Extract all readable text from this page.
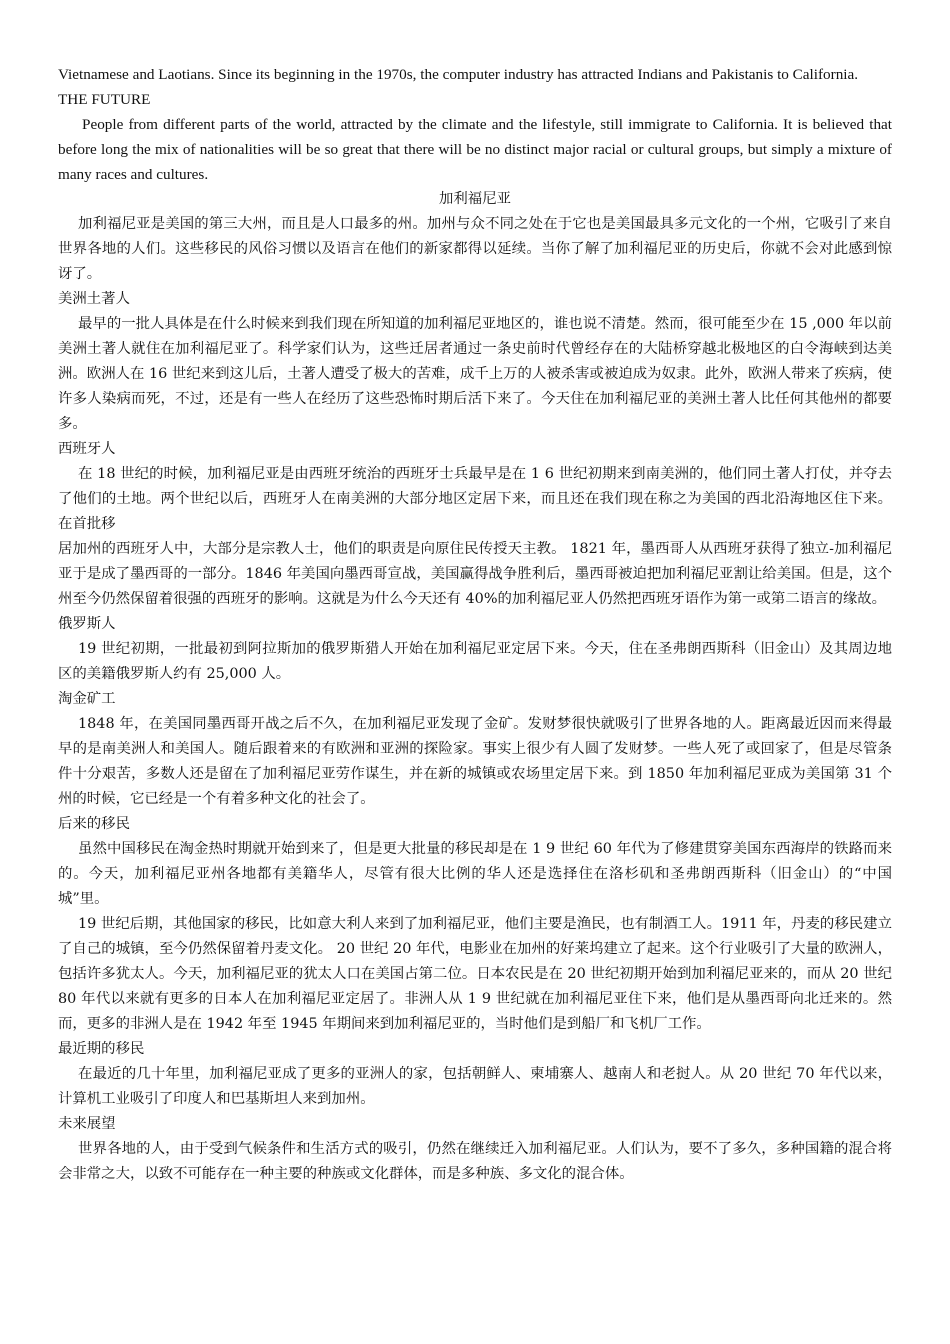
Vietnamese and Laotians. Since its beginning in the 1970s, the computer industry has attracted Indians and Pakistanis to California.

THE FUTURE

People from different parts of the world, attracted by the climate and the lifestyle, still immigrate to California. It is believed that before long the mix of nationalities will be so great that there will be no distinct major racial or cultural groups, but simply a mixture of many races and cultures.

加利福尼亚

加利福尼亚是美国的第三大州，而且是人口最多的州。加州与众不同之处在于它也是美国最具多元文化的一个州，它吸引了来自世界各地的人们。这些移民的风俗习惯以及语言在他们的新家都得以延续。当你了解了加利福尼亚的历史后，你就不会对此感到惊讶了。

美洲土著人

最早的一批人具体是在什么时候来到我们现在所知道的加利福尼亚地区的，谁也说不清楚。然而，很可能至少在 15 ,000 年以前美洲土著人就住在加利福尼亚了。科学家们认为，这些迁居者通过一条史前时代曾经存在的大陆桥穿越北极地区的白令海峡到达美洲。欧洲人在 16 世纪来到这儿后，土著人遭受了极大的苦难，成千上万的人被杀害或被迫成为奴隶。此外，欧洲人带来了疾病，使许多人染病而死，不过，还是有一些人在经历了这些恐怖时期后活下来了。今天住在加利福尼亚的美洲土著人比任何其他州的都要多。

西班牙人

在 18 世纪的时候，加利福尼亚是由西班牙统治的西班牙士兵最早是在 1 6 世纪初期来到南美洲的，他们同土著人打仗，并夺去了他们的土地。两个世纪以后，西班牙人在南美洲的大部分地区定居下来，而且还在我们现在称之为美国的西北沿海地区住下来。在首批移

居加州的西班牙人中，大部分是宗教人士，他们的职责是向原住民传授天主教。 1821 年，墨西哥人从西班牙获得了独立-加利福尼亚于是成了墨西哥的一部分。1846 年美国向墨西哥宣战，美国赢得战争胜利后，墨西哥被迫把加利福尼亚割让给美国。但是，这个州至今仍然保留着很强的西班牙的影响。这就是为什么今天还有 40%的加利福尼亚人仍然把西班牙语作为第一或第二语言的缘故。

俄罗斯人

19 世纪初期，一批最初到阿拉斯加的俄罗斯猎人开始在加利福尼亚定居下来。今天，住在圣弗朗西斯科（旧金山）及其周边地区的美籍俄罗斯人约有 25,000 人。

淘金矿工

1848 年，在美国同墨西哥开战之后不久，在加利福尼亚发现了金矿。发财梦很快就吸引了世界各地的人。距离最近因而来得最早的是南美洲人和美国人。随后跟着来的有欧洲和亚洲的探险家。事实上很少有人圆了发财梦。一些人死了或回家了，但是尽管条件十分艰苦，多数人还是留在了加利福尼亚劳作谋生，并在新的城镇或农场里定居下来。到 1850 年加利福尼亚成为美国第 31 个州的时候，它已经是一个有着多种文化的社会了。

后来的移民

虽然中国移民在淘金热时期就开始到来了，但是更大批量的移民却是在 1 9 世纪 60 年代为了修建贯穿美国东西海岸的铁路而来的。今天，加利福尼亚州各地都有美籍华人，尽管有很大比例的华人还是选择住在洛杉矶和圣弗朗西斯科（旧金山）的“中国城”里。

19 世纪后期，其他国家的移民，比如意大利人来到了加利福尼亚，他们主要是渔民，也有制酒工人。1911 年，丹麦的移民建立了自己的城镇，至今仍然保留着丹麦文化。 20 世纪 20 年代，电影业在加州的好莱坞建立了起来。这个行业吸引了大量的欧洲人，包括许多犹太人。今天，加利福尼亚的犹太人口在美国占第二位。日本农民是在 20 世纪初期开始到加利福尼亚来的，而从 20 世纪 80 年代以来就有更多的日本人在加利福尼亚定居了。非洲人从 1 9 世纪就在加利福尼亚住下来，他们是从墨西哥向北迁来的。然而，更多的非洲人是在 1942 年至 1945 年期间来到加利福尼亚的，当时他们是到船厂和飞机厂工作。

最近期的移民

在最近的几十年里，加利福尼亚成了更多的亚洲人的家，包括朝鲜人、柬埔寨人、越南人和老挝人。从 20 世纪 70 年代以来，计算机工业吸引了印度人和巴基斯坦人来到加州。

未来展望

世界各地的人，由于受到气候条件和生活方式的吸引，仍然在继续迁入加利福尼亚。人们认为，要不了多久，多种国籍的混合将会非常之大，以致不可能存在一种主要的种族或文化群体，而是多种族、多文化的混合体。
